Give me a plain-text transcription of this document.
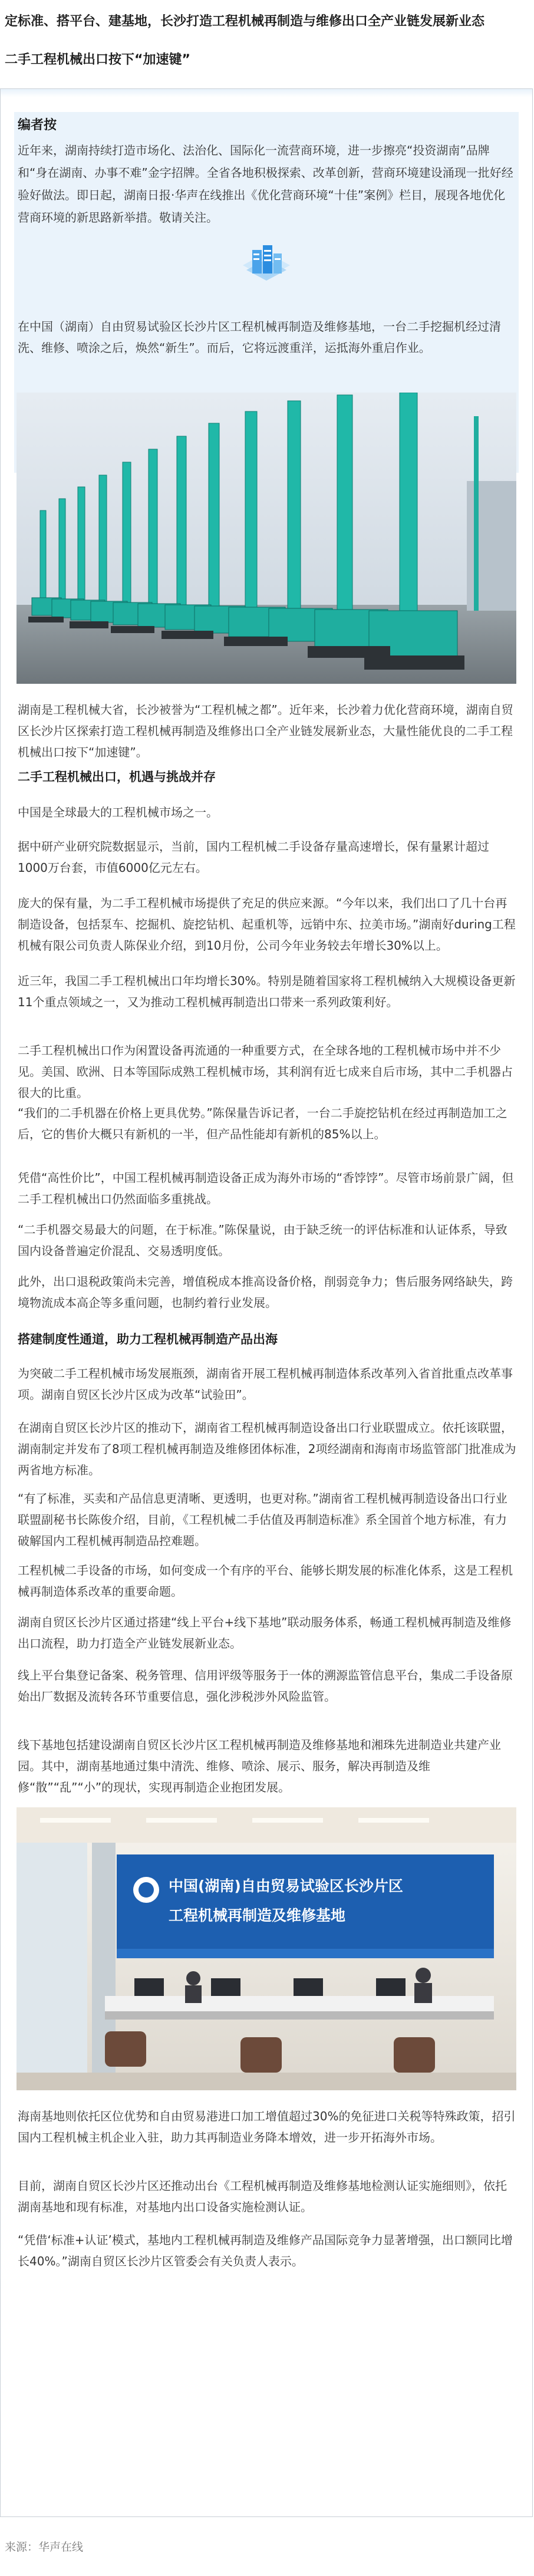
定标准、搭平台、建基地，长沙打造工程机械再制造与维修出口全产业链发展新业态
二手工程机械出口按下“加速键”
编者按

近年来，湖南持续打造市场化、法治化、国际化一流营商环境，进一步擦亮“投资湖南”品牌和“身在湖南、办事不难”金字招牌。全省各地积极探索、改革创新，营商环境建设涌现一批好经验好做法。即日起，湖南日报·华声在线推出《优化营商环境“十佳”案例》栏目，展现各地优化营商环境的新思路新举措。敬请关注。

在中国（湖南）自由贸易试验区长沙片区工程机械再制造及维修基地，一台二手挖掘机经过清洗、维修、喷涂之后，焕然“新生”。而后，它将远渡重洋，运抵海外重启作业。

湖南是工程机械大省，长沙被誉为“工程机械之都”。近年来，长沙着力优化营商环境，湖南自贸区长沙片区探索打造工程机械再制造及维修出口全产业链发展新业态，大量性能优良的二手工程机械出口按下“加速键”。

二手工程机械出口，机遇与挑战并存

中国是全球最大的工程机械市场之一。

据中研产业研究院数据显示，当前，国内工程机械二手设备存量高速增长，保有量累计超过1000万台套，市值6000亿元左右。

庞大的保有量，为二手工程机械市场提供了充足的供应来源。“今年以来，我们出口了几十台再制造设备，包括泵车、挖掘机、旋挖钻机、起重机等，远销中东、拉美市场。”湖南好during工程机械有限公司负责人陈保业介绍，到10月份，公司今年业务较去年增长30%以上。

近三年，我国二手工程机械出口年均增长30%。特别是随着国家将工程机械纳入大规模设备更新11个重点领域之一，又为推动工程机械再制造出口带来一系列政策利好。

二手工程机械出口作为闲置设备再流通的一种重要方式，在全球各地的工程机械市场中并不少见。美国、欧洲、日本等国际成熟工程机械市场，其利润有近七成来自后市场，其中二手机器占很大的比重。

“我们的二手机器在价格上更具优势。”陈保量告诉记者，一台二手旋挖钻机在经过再制造加工之后，它的售价大概只有新机的一半，但产品性能却有新机的85%以上。

凭借“高性价比”，中国工程机械再制造设备正成为海外市场的“香饽饽”。尽管市场前景广阔，但二手工程机械出口仍然面临多重挑战。

“二手机器交易最大的问题，在于标准。”陈保量说，由于缺乏统一的评估标准和认证体系，导致国内设备普遍定价混乱、交易透明度低。

此外，出口退税政策尚未完善，增值税成本推高设备价格，削弱竞争力；售后服务网络缺失，跨境物流成本高企等多重问题，也制约着行业发展。

搭建制度性通道，助力工程机械再制造产品出海

为突破二手工程机械市场发展瓶颈，湖南省开展工程机械再制造体系改革列入省首批重点改革事项。湖南自贸区长沙片区成为改革“试验田”。

在湖南自贸区长沙片区的推动下，湖南省工程机械再制造设备出口行业联盟成立。依托该联盟，湖南制定并发布了8项工程机械再制造及维修团体标准，2项经湖南和海南市场监管部门批准成为两省地方标准。

“有了标准，买卖和产品信息更清晰、更透明，也更对称。”湖南省工程机械再制造设备出口行业联盟副秘书长陈俊介绍，目前，《工程机械二手估值及再制造标准》系全国首个地方标准，有力破解国内工程机械再制造品控难题。

工程机械二手设备的市场，如何变成一个有序的平台、能够长期发展的标准化体系，这是工程机械再制造体系改革的重要命题。

湖南自贸区长沙片区通过搭建“线上平台+线下基地”联动服务体系，畅通工程机械再制造及维修出口流程，助力打造全产业链发展新业态。

线上平台集登记备案、税务管理、信用评级等服务于一体的溯源监管信息平台，集成二手设备原始出厂数据及流转各环节重要信息，强化涉税涉外风险监管。

线下基地包括建设湖南自贸区长沙片区工程机械再制造及维修基地和湘珠先进制造业共建产业园。其中，湖南基地通过集中清洗、维修、喷涂、展示、服务，解决再制造及维修“散”“乱”“小”的现状，实现再制造企业抱团发展。

中国(湖南)自由贸易试验区长沙片区
工程机械再制造及维修基地

海南基地则依托区位优势和自由贸易港进口加工增值超过30%的免征进口关税等特殊政策，招引国内工程机械主机企业入驻，助力其再制造业务降本增效，进一步开拓海外市场。

目前，湖南自贸区长沙片区还推动出台《工程机械再制造及维修基地检测认证实施细则》，依托湖南基地和现有标准，对基地内出口设备实施检测认证。

“凭借‘标准+认证’模式，基地内工程机械再制造及维修产品国际竞争力显著增强，出口额同比增长40%。”湖南自贸区长沙片区管委会有关负责人表示。

来源：华声在线
